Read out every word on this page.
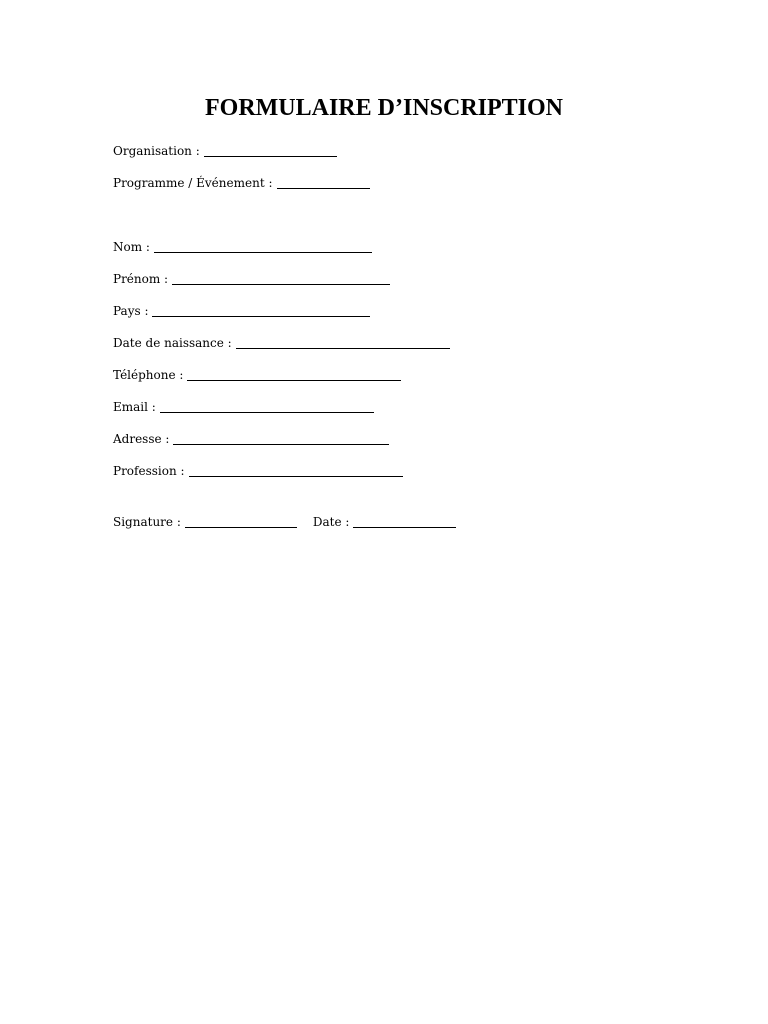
FORMULAIRE D’INSCRIPTION
Organisation :
Programme / Événement :
Nom :
Prénom :
Pays :
Date de naissance :
Téléphone :
Email :
Adresse :
Profession :
Signature :	Date :
